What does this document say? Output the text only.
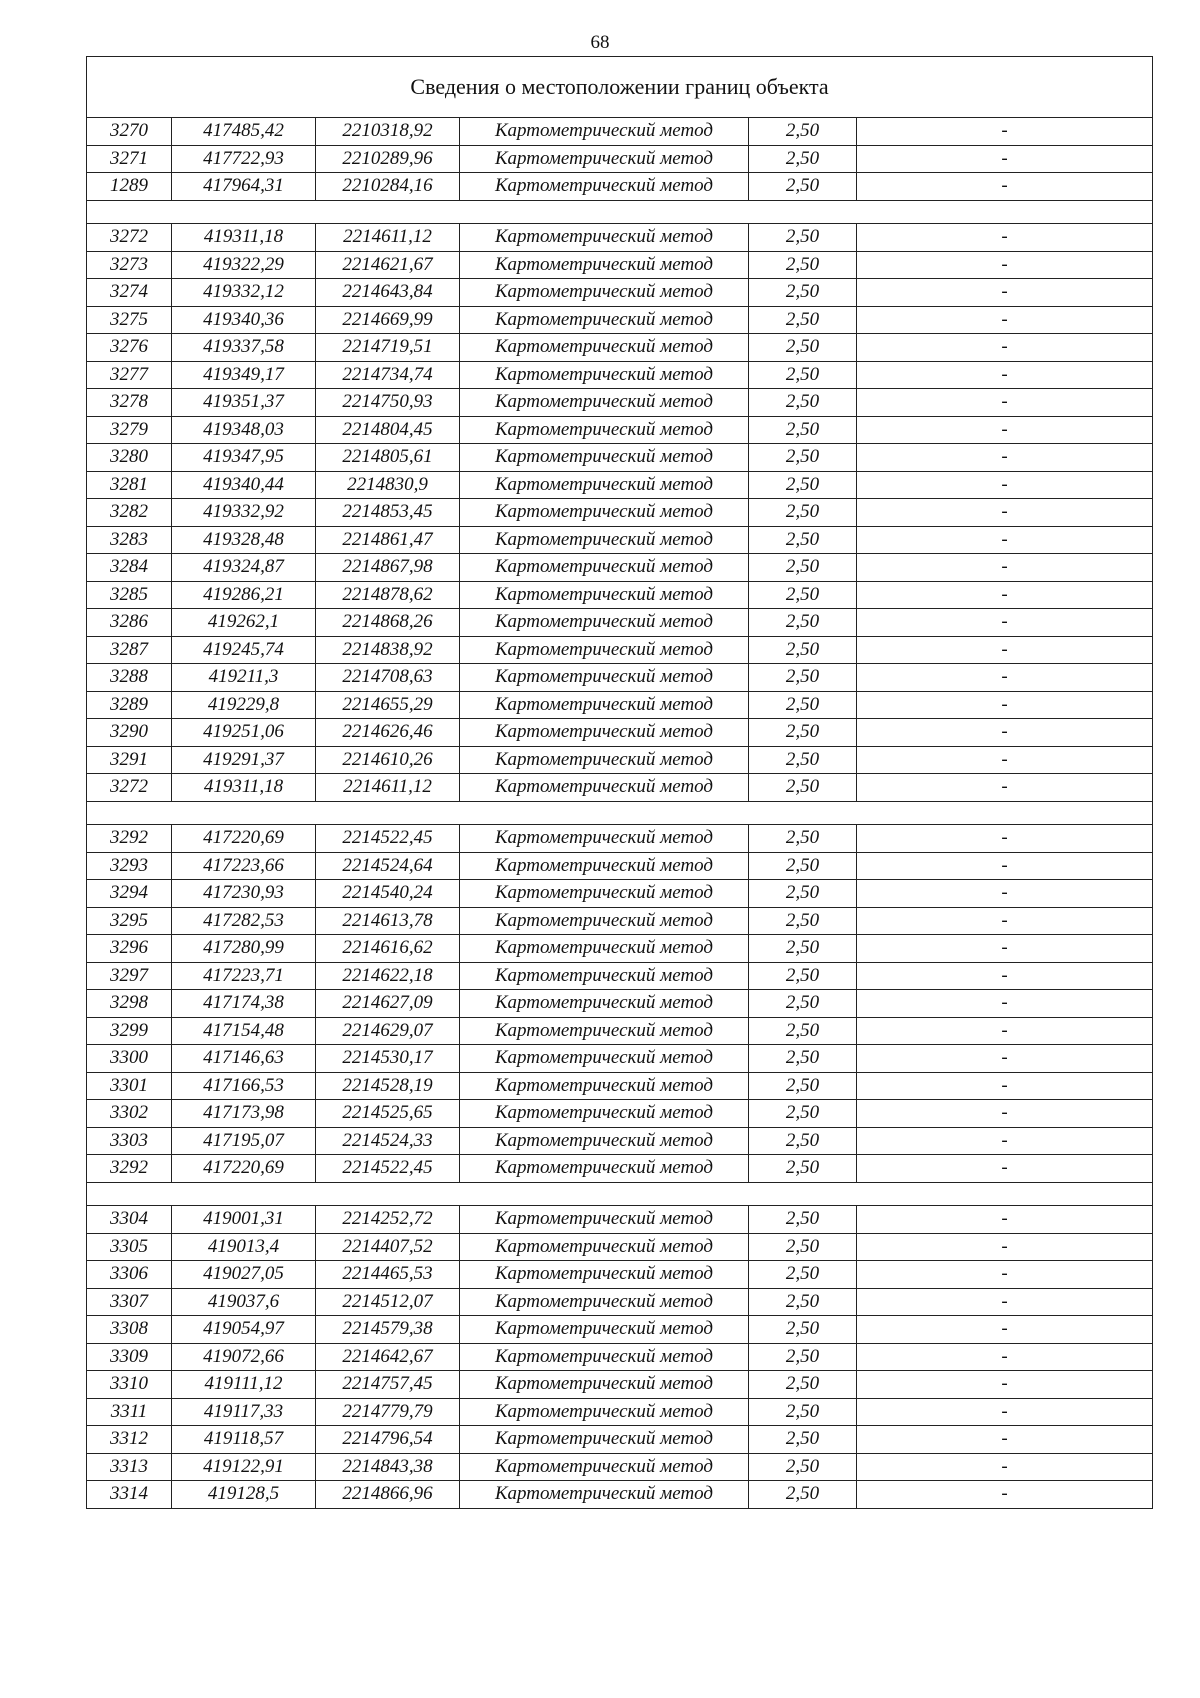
68
Сведения о местоположении границ объекта					
3270	417485,42	2210318,92	Картометрический метод	2,50	-
3271	417722,93	2210289,96	Картометрический метод	2,50	-
1289	417964,31	2210284,16	Картометрический метод	2,50	-

3272	419311,18	2214611,12	Картометрический метод	2,50	-
3273	419322,29	2214621,67	Картометрический метод	2,50	-
3274	419332,12	2214643,84	Картометрический метод	2,50	-
3275	419340,36	2214669,99	Картометрический метод	2,50	-
3276	419337,58	2214719,51	Картометрический метод	2,50	-
3277	419349,17	2214734,74	Картометрический метод	2,50	-
3278	419351,37	2214750,93	Картометрический метод	2,50	-
3279	419348,03	2214804,45	Картометрический метод	2,50	-
3280	419347,95	2214805,61	Картометрический метод	2,50	-
3281	419340,44	2214830,9	Картометрический метод	2,50	-
3282	419332,92	2214853,45	Картометрический метод	2,50	-
3283	419328,48	2214861,47	Картометрический метод	2,50	-
3284	419324,87	2214867,98	Картометрический метод	2,50	-
3285	419286,21	2214878,62	Картометрический метод	2,50	-
3286	419262,1	2214868,26	Картометрический метод	2,50	-
3287	419245,74	2214838,92	Картометрический метод	2,50	-
3288	419211,3	2214708,63	Картометрический метод	2,50	-
3289	419229,8	2214655,29	Картометрический метод	2,50	-
3290	419251,06	2214626,46	Картометрический метод	2,50	-
3291	419291,37	2214610,26	Картометрический метод	2,50	-
3272	419311,18	2214611,12	Картометрический метод	2,50	-

3292	417220,69	2214522,45	Картометрический метод	2,50	-
3293	417223,66	2214524,64	Картометрический метод	2,50	-
3294	417230,93	2214540,24	Картометрический метод	2,50	-
3295	417282,53	2214613,78	Картометрический метод	2,50	-
3296	417280,99	2214616,62	Картометрический метод	2,50	-
3297	417223,71	2214622,18	Картометрический метод	2,50	-
3298	417174,38	2214627,09	Картометрический метод	2,50	-
3299	417154,48	2214629,07	Картометрический метод	2,50	-
3300	417146,63	2214530,17	Картометрический метод	2,50	-
3301	417166,53	2214528,19	Картометрический метод	2,50	-
3302	417173,98	2214525,65	Картометрический метод	2,50	-
3303	417195,07	2214524,33	Картометрический метод	2,50	-
3292	417220,69	2214522,45	Картометрический метод	2,50	-

3304	419001,31	2214252,72	Картометрический метод	2,50	-
3305	419013,4	2214407,52	Картометрический метод	2,50	-
3306	419027,05	2214465,53	Картометрический метод	2,50	-
3307	419037,6	2214512,07	Картометрический метод	2,50	-
3308	419054,97	2214579,38	Картометрический метод	2,50	-
3309	419072,66	2214642,67	Картометрический метод	2,50	-
3310	419111,12	2214757,45	Картометрический метод	2,50	-
3311	419117,33	2214779,79	Картометрический метод	2,50	-
3312	419118,57	2214796,54	Картометрический метод	2,50	-
3313	419122,91	2214843,38	Картометрический метод	2,50	-
3314	419128,5	2214866,96	Картометрический метод	2,50	-
